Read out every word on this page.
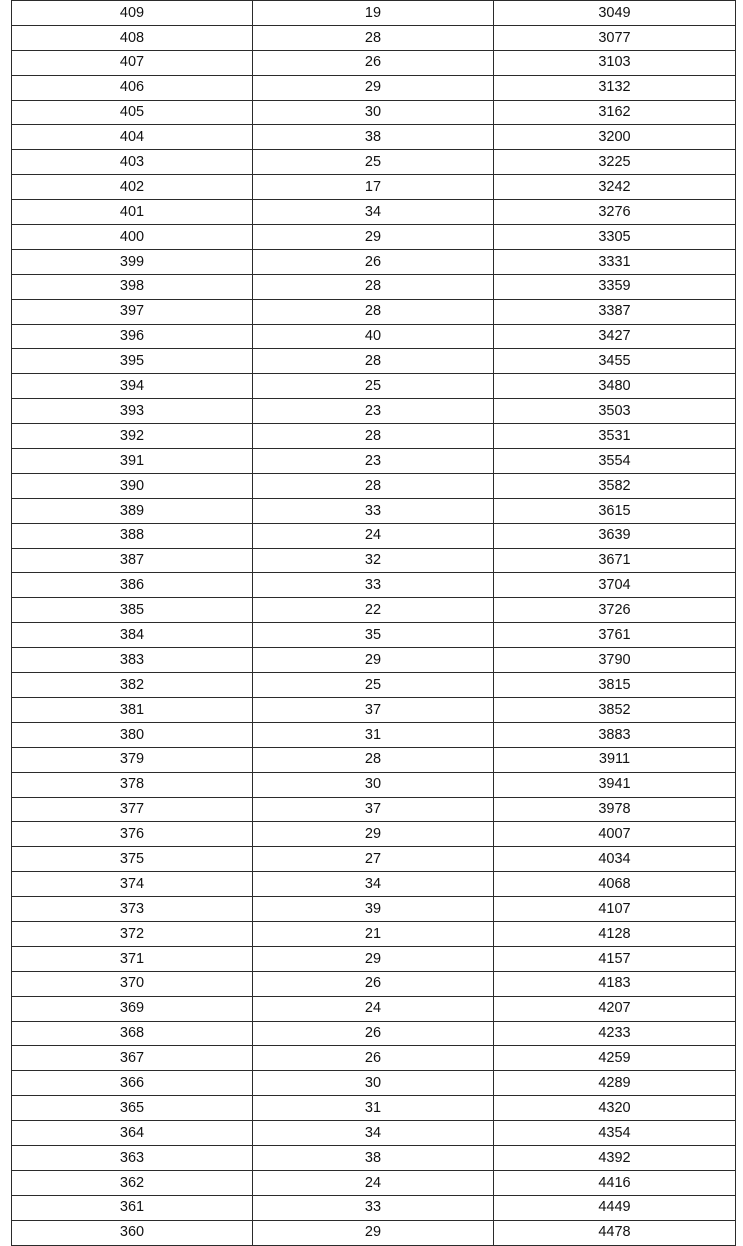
409	19	3049
408	28	3077
407	26	3103
406	29	3132
405	30	3162
404	38	3200
403	25	3225
402	17	3242
401	34	3276
400	29	3305
399	26	3331
398	28	3359
397	28	3387
396	40	3427
395	28	3455
394	25	3480
393	23	3503
392	28	3531
391	23	3554
390	28	3582
389	33	3615
388	24	3639
387	32	3671
386	33	3704
385	22	3726
384	35	3761
383	29	3790
382	25	3815
381	37	3852
380	31	3883
379	28	3911
378	30	3941
377	37	3978
376	29	4007
375	27	4034
374	34	4068
373	39	4107
372	21	4128
371	29	4157
370	26	4183
369	24	4207
368	26	4233
367	26	4259
366	30	4289
365	31	4320
364	34	4354
363	38	4392
362	24	4416
361	33	4449
360	29	4478
